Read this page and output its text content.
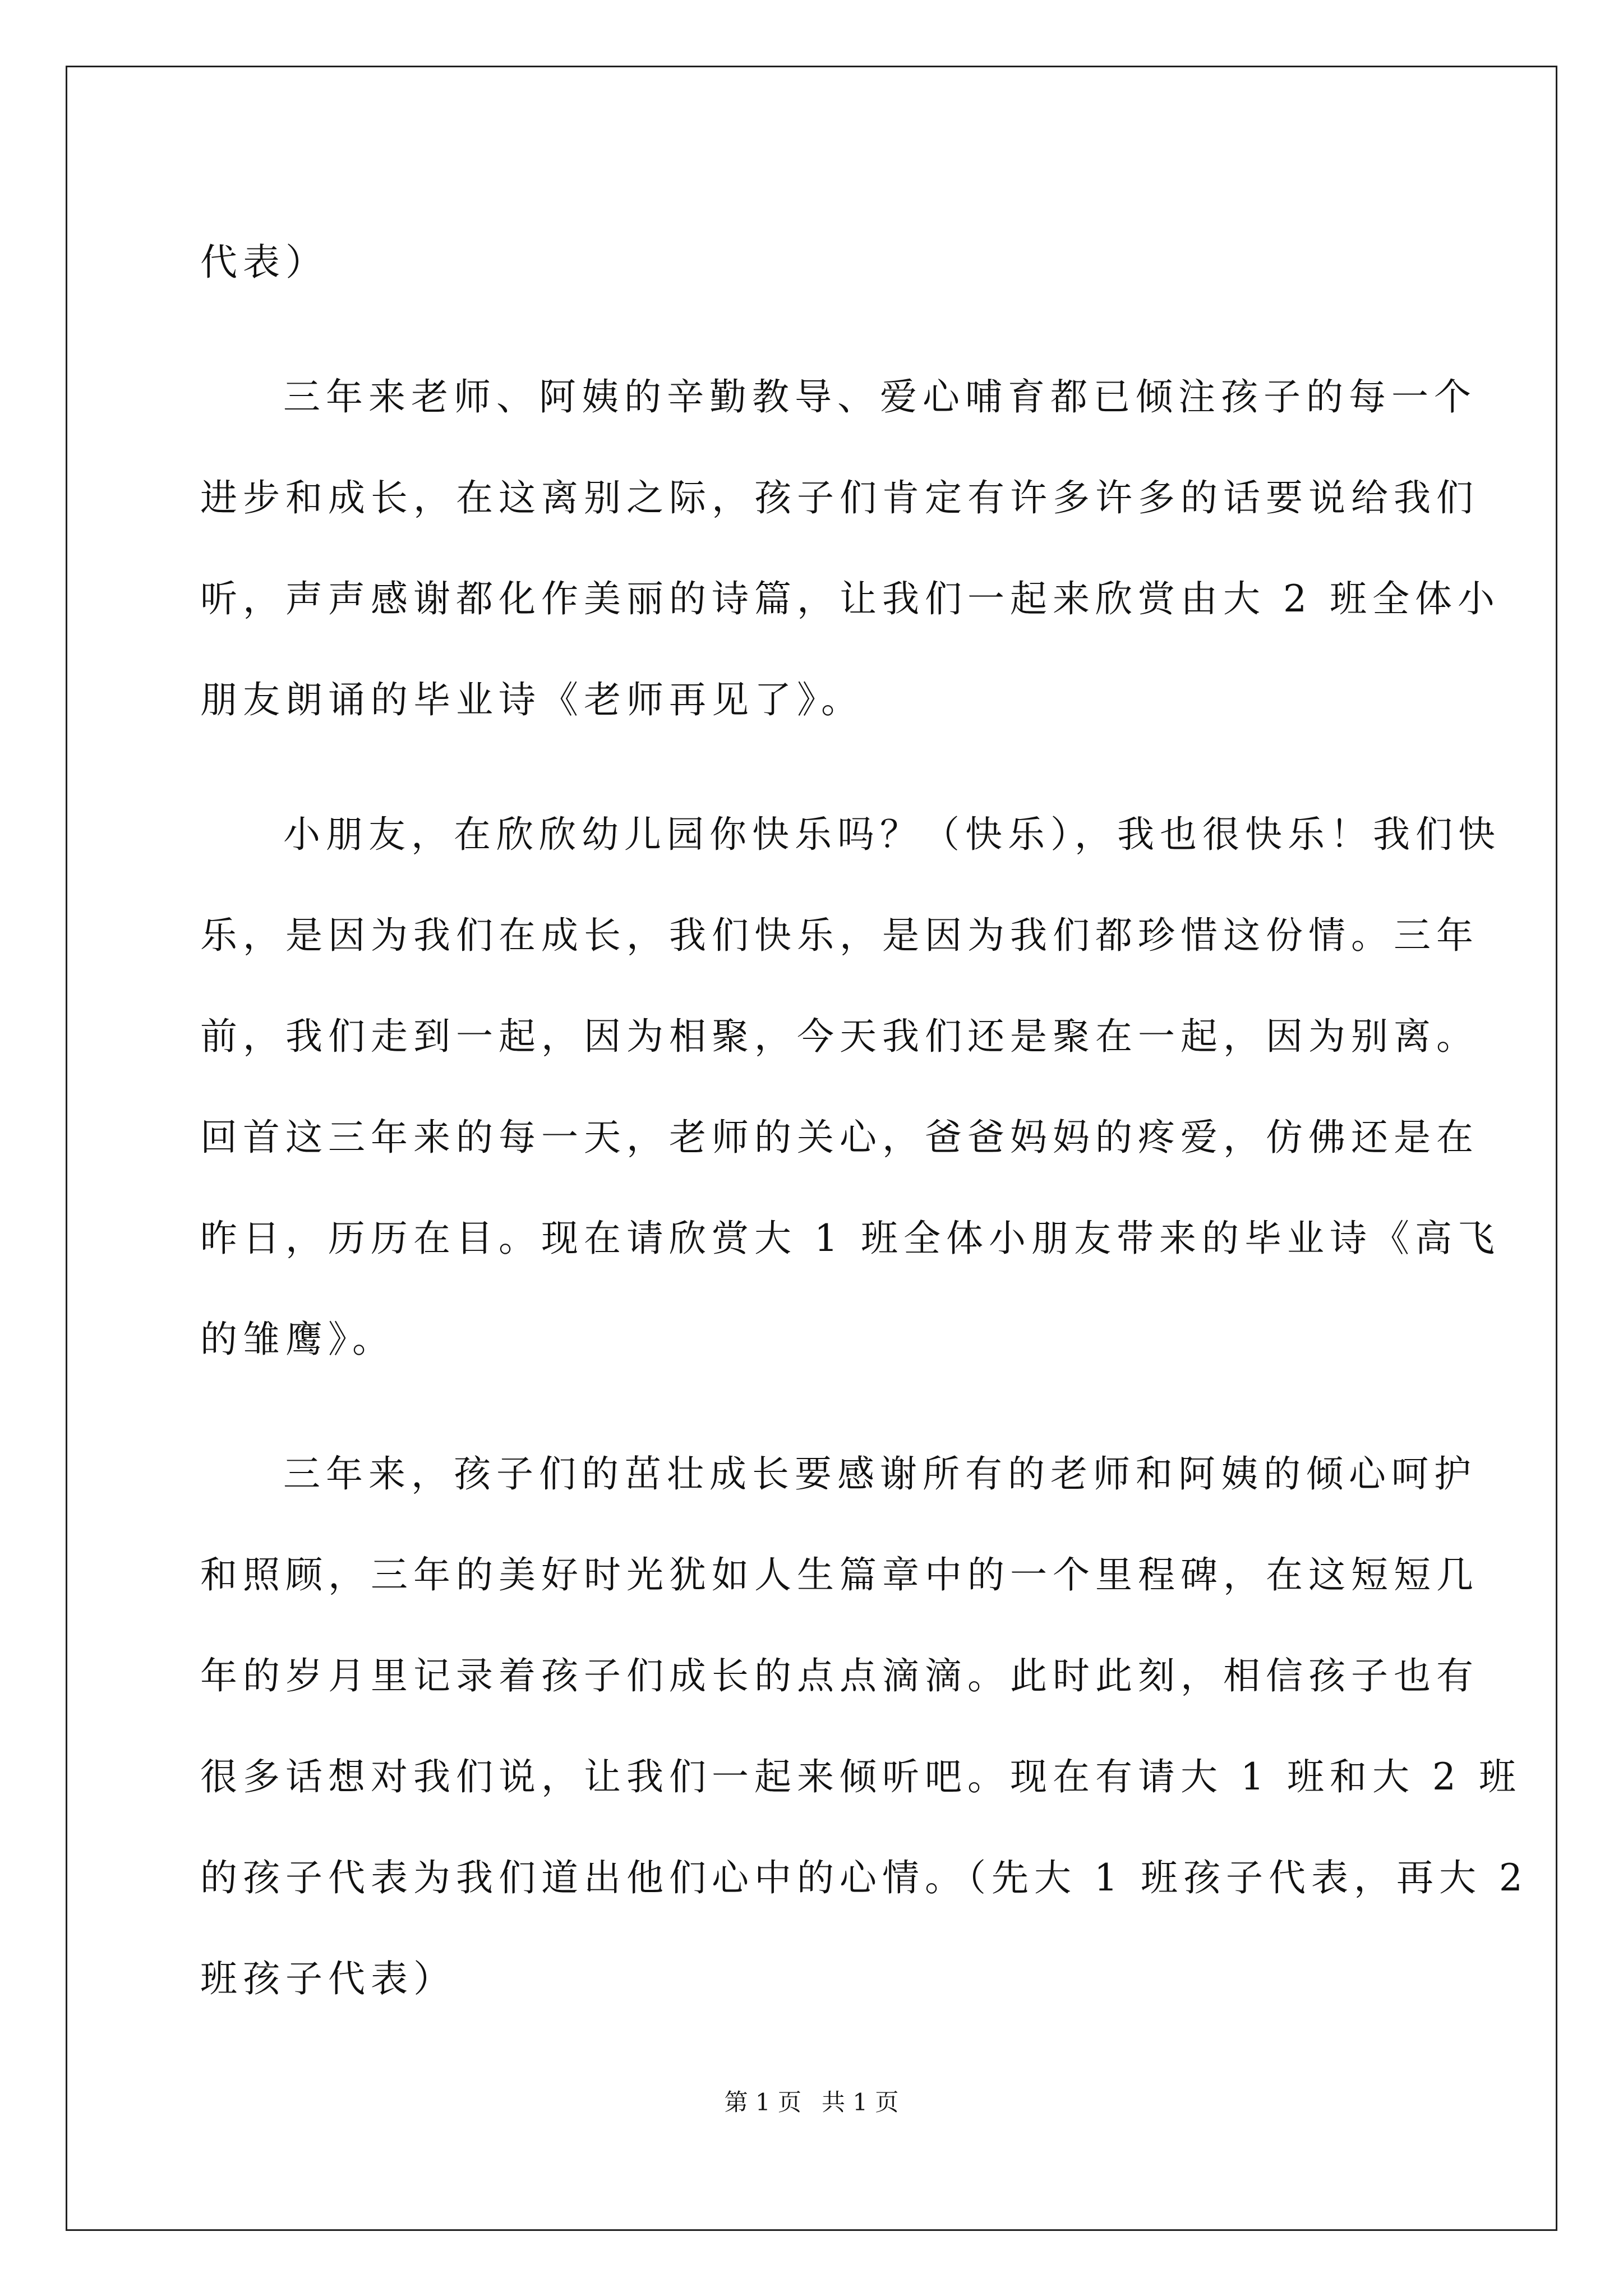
代表）
三年来老师、阿姨的辛勤教导、爱心哺育都已倾注孩子的每一个
进步和成长，在这离别之际，孩子们肯定有许多许多的话要说给我们
听，声声感谢都化作美丽的诗篇，让我们一起来欣赏由大 2 班全体小
朋友朗诵的毕业诗《老师再见了》。
小朋友，在欣欣幼儿园你快乐吗？（快乐），我也很快乐！我们快
乐，是因为我们在成长，我们快乐，是因为我们都珍惜这份情。三年
前，我们走到一起，因为相聚，今天我们还是聚在一起，因为别离。
回首这三年来的每一天，老师的关心，爸爸妈妈的疼爱，仿佛还是在
昨日，历历在目。现在请欣赏大 1 班全体小朋友带来的毕业诗《高飞
的雏鹰》。
三年来，孩子们的茁壮成长要感谢所有的老师和阿姨的倾心呵护
和照顾，三年的美好时光犹如人生篇章中的一个里程碑，在这短短几
年的岁月里记录着孩子们成长的点点滴滴。此时此刻，相信孩子也有
很多话想对我们说，让我们一起来倾听吧。现在有请大 1 班和大 2 班
的孩子代表为我们道出他们心中的心情。（先大 1 班孩子代表，再大 2
班孩子代表）
第 1 页 共 1 页
